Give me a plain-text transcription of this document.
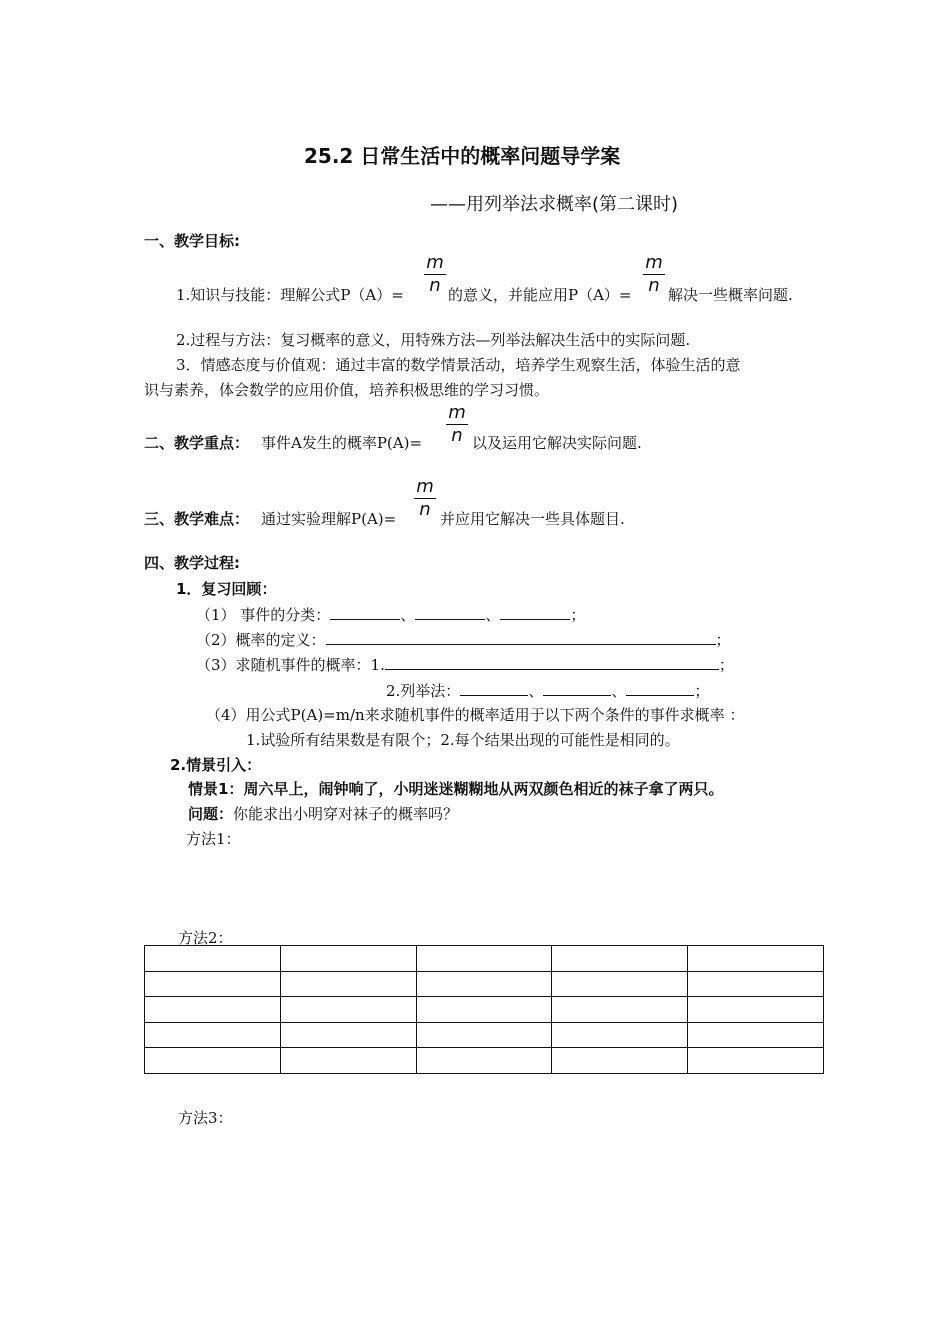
25.2 日常生活中的概率问题导学案
——用列举法求概率(第二课时)
一、教学目标:
$\frac{m}{n}$	$\frac{m}{n}$
1.知识与技能：理解公式P（A）=	的意义，并能应用P（A）= 解决一些概率问题.
2.过程与方法：复习概率的意义，用特殊方法—列举法解决生活中的实际问题.
3．情感态度与价值观：通过丰富的数学情景活动，培养学生观察生活，体验生活的意
识与素养，体会数学的应用价值，培养积极思维的学习习惯。
$\frac{m}{n}$
二、教学重点： 事件A发生的概率P(A)=	以及运用它解决实际问题.
$\frac{m}{n}$
三、教学难点： 通过实验理解P(A)=	并应用它解决一些具体题目.
四、教学过程:
1．复习回顾：
（1） 事件的分类：	、	、	；
（2）概率的定义：	；
（3）求随机事件的概率：1.	；
2.列举法：	、	、	；
（4）用公式P(A)=m/n来求随机事件的概率适用于以下两个条件的事件求概率 ：
1.试验所有结果数是有限个；2.每个结果出现的可能性是相同的。
2.情景引入：
情景1：周六早上，闹钟响了，小明迷迷糊糊地从两双颜色相近的袜子拿了两只。
问题：你能求出小明穿对袜子的概率吗？
方法1：
方法2：

方法3：
